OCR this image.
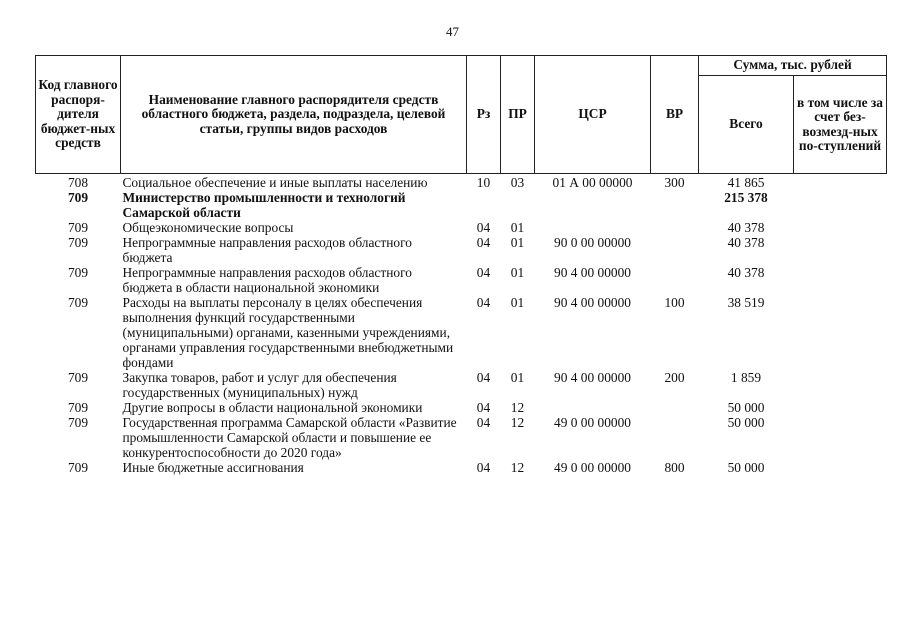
47
Код главного распоря-дителя бюджет-ных средств	Наименование главного распорядителя средств областного бюджета, раздела, подраздела, целевой статьи, группы видов расходов	Рз	ПР	ЦСР	ВР	Сумма, тыс. рублей	
						Всего	в том числе за счет без-возмезд-ных по-ступлений
708	Социальное обеспечение и иные выплаты населению	10	03	01 А 00 00000	300	41 865	
709	Министерство промышленности и технологий Самарской области					215 378	
709	Общеэкономические вопросы	04	01			40 378	
709	Непрограммные направления расходов областного бюджета	04	01	90 0 00 00000		40 378	
709	Непрограммные направления расходов областного бюджета в области национальной экономики	04	01	90 4 00 00000		40 378	
709	Расходы на выплаты персоналу в целях обеспечения выполнения функций государственными (муниципальными) органами, казенными учреждениями, органами управления государственными внебюджетными фондами	04	01	90 4 00 00000	100	38 519	
709	Закупка товаров, работ и услуг для обеспечения государственных (муниципальных) нужд	04	01	90 4 00 00000	200	1 859	
709	Другие вопросы в области национальной экономики	04	12			50 000	
709	Государственная программа Самарской области «Развитие промышленности Самарской области и повышение ее конкурентоспособности до 2020 года»	04	12	49 0 00 00000		50 000	
709	Иные бюджетные ассигнования	04	12	49 0 00 00000	800	50 000	
